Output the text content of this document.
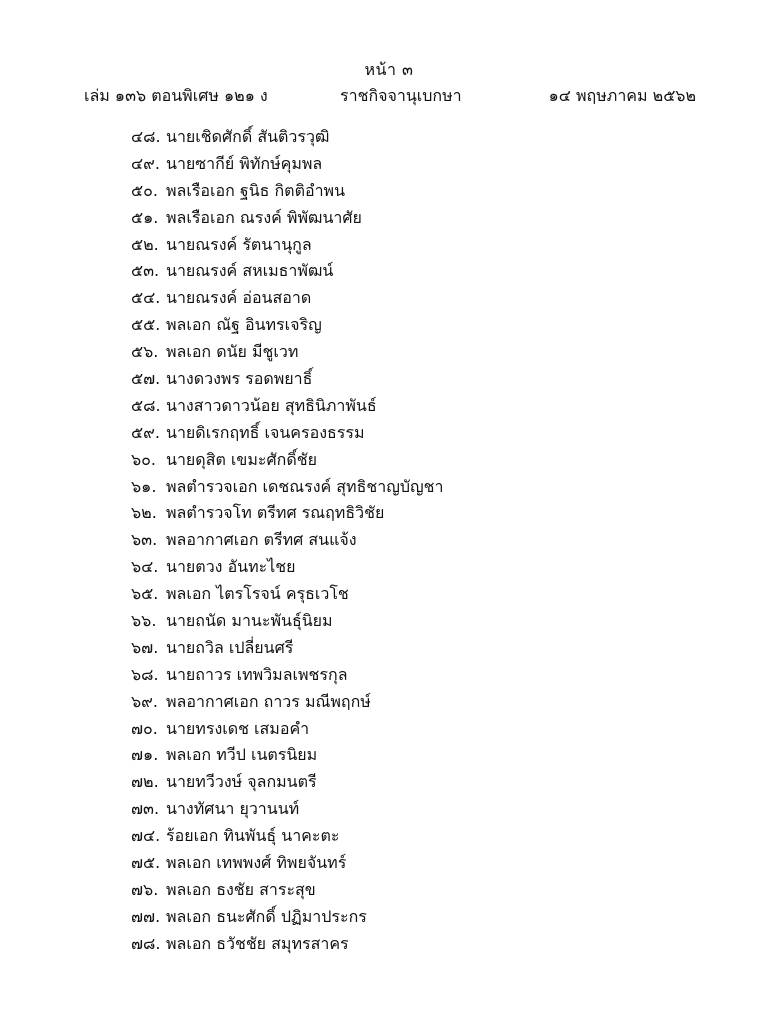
หน้า ๓
เล่ม ๑๓๖ ตอนพิเศษ ๑๒๑ ง	ราชกิจจานุเบกษา	๑๔ พฤษภาคม ๒๕๖๒
๔๘. นายเชิดศักดิ์ สันติวรวุฒิ
๔๙. นายซากีย์ พิทักษ์คุมพล
๕๐. พลเรือเอก ฐนิธ กิตติอำพน
๕๑. พลเรือเอก ณรงค์ พิพัฒนาศัย
๕๒. นายณรงค์ รัตนานุกูล
๕๓. นายณรงค์ สหเมธาพัฒน์
๕๔. นายณรงค์ อ่อนสอาด
๕๕. พลเอก ณัฐ อินทรเจริญ
๕๖. พลเอก ดนัย มีชูเวท
๕๗. นางดวงพร รอดพยาธิ์
๕๘. นางสาวดาวน้อย สุทธินิภาพันธ์
๕๙. นายดิเรกฤทธิ์ เจนครองธรรม
๖๐. นายดุสิต เขมะศักดิ์ชัย
๖๑. พลตำรวจเอก เดชณรงค์ สุทธิชาญบัญชา
๖๒. พลตำรวจโท ตรีทศ รณฤทธิวิชัย
๖๓. พลอากาศเอก ตรีทศ สนแจ้ง
๖๔. นายตวง อันทะไชย
๖๕. พลเอก ไตรโรจน์ ครุธเวโช
๖๖. นายถนัด มานะพันธุ์นิยม
๖๗. นายถวิล เปลี่ยนศรี
๖๘. นายถาวร เทพวิมลเพชรกุล
๖๙. พลอากาศเอก ถาวร มณีพฤกษ์
๗๐. นายทรงเดช เสมอคำ
๗๑. พลเอก ทวีป เนตรนิยม
๗๒. นายทวีวงษ์ จุลกมนตรี
๗๓. นางทัศนา ยุวานนท์
๗๔. ร้อยเอก ทินพันธุ์ นาคะตะ
๗๕. พลเอก เทพพงศ์ ทิพยจันทร์
๗๖. พลเอก ธงชัย สาระสุข
๗๗. พลเอก ธนะศักดิ์ ปฏิมาประกร
๗๘. พลเอก ธวัชชัย สมุทรสาคร
